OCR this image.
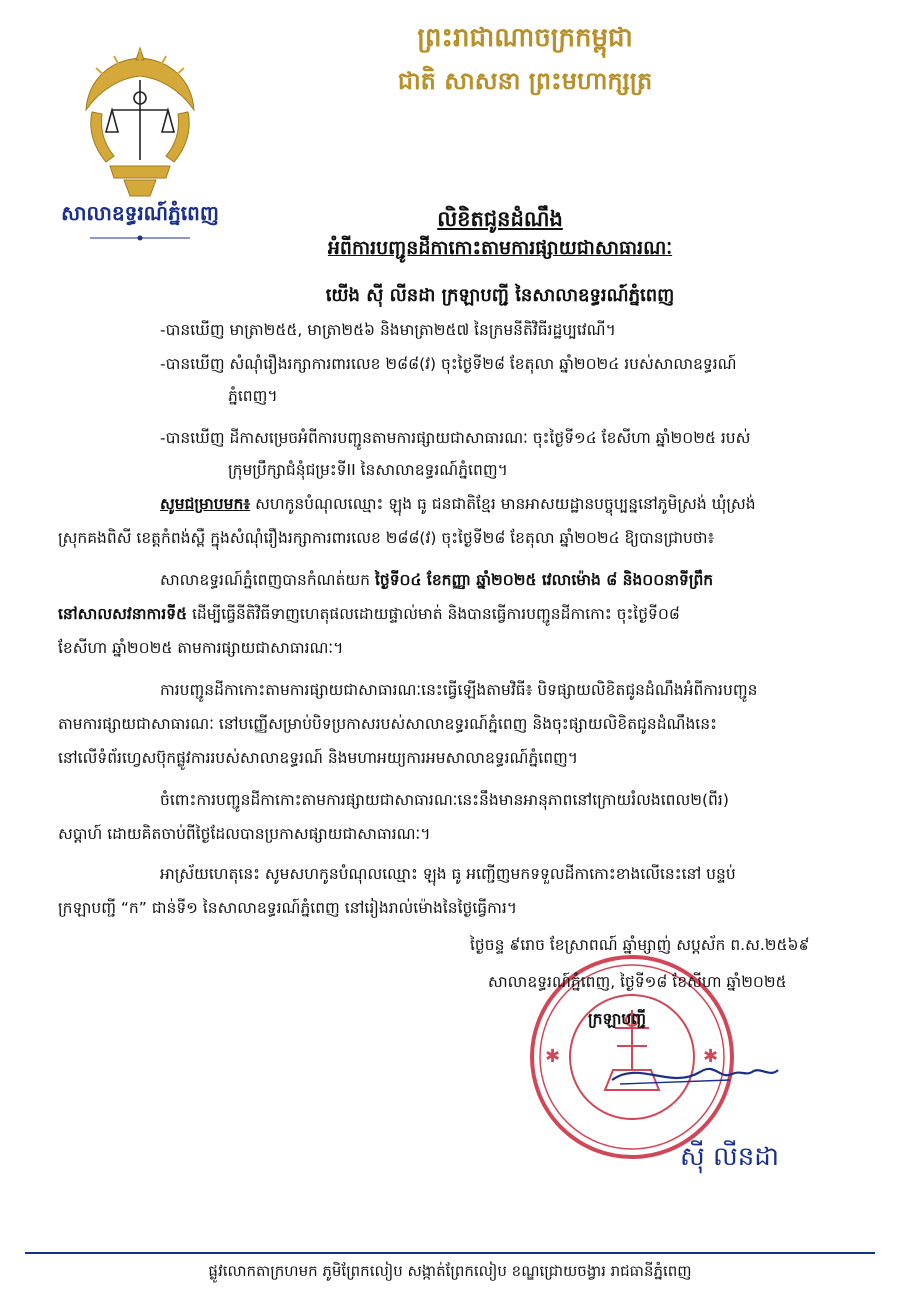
ព្រះរាជាណាចក្រកម្ពុជា
ជាតិ សាសនា ព្រះមហាក្សត្រ
សាលាឧទ្ធរណ៍ភ្នំពេញ	លិខិតជូនដំណឹង
អំពីការបញ្ជូនដីកាកោះតាមការផ្សាយជាសាធារណៈ
យើង ស៊ី លីនដា ក្រឡាបញ្ជី នៃសាលាឧទ្ធរណ៍ភ្នំពេញ
-បានឃើញ មាត្រា២៥៥, មាត្រា២៥៦ និងមាត្រា២៥៧ នៃក្រមនីតិវិធីរដ្ឋប្បវេណី។
-បានឃើញ សំណុំរឿងរក្សាការពារលេខ ២៨៨(វ) ចុះថ្ងៃទី២៨ ខែតុលា ឆ្នាំ២០២៤ របស់សាលាឧទ្ធរណ៍
ភ្នំពេញ។
-បានឃើញ ដីកាសម្រេចអំពីការបញ្ជូនតាមការផ្សាយជាសាធារណៈ ចុះថ្ងៃទី១៤ ខែសីហា ឆ្នាំ២០២៥ របស់
ក្រុមប្រឹក្សាជំនុំជម្រះទីII នៃសាលាឧទ្ធរណ៍ភ្នំពេញ។
សូមជម្រាបមក៖ សហកូនបំណុលឈ្មោះ ឡុង ធូ ជនជាតិខ្មែរ មានអាសយដ្ឋានបច្ចុប្បន្ននៅភូមិស្រង់ ឃុំស្រង់
ស្រុកគងពិសី ខេត្តកំពង់ស្ពឺ ក្នុងសំណុំរឿងរក្សាការពារលេខ ២៨៨(វ) ចុះថ្ងៃទី២៨ ខែតុលា ឆ្នាំ២០២៤ ឱ្យបានជ្រាបថា៖
សាលាឧទ្ធរណ៍ភ្នំពេញបានកំណត់យក ថ្ងៃទី០៤ ខែកញ្ញា ឆ្នាំ២០២៥ វេលាម៉ោង ៨ និង០០នាទីព្រឹក
នៅសាលសវនាការទី៥ ដើម្បីធ្វើនីតិវិធីទាញហេតុផលដោយផ្ទាល់មាត់ និងបានធ្វើការបញ្ជូនដីកាកោះ ចុះថ្ងៃទី០៨
ខែសីហា ឆ្នាំ២០២៥ តាមការផ្សាយជាសាធារណៈ។
ការបញ្ជូនដីកាកោះតាមការផ្សាយជាសាធារណៈនេះធ្វើឡើងតាមវិធី៖ បិទផ្សាយលិខិតជូនដំណឹងអំពីការបញ្ជូន
តាមការផ្សាយជាសាធារណៈ នៅបញ្ញើសម្រាប់បិទប្រកាសរបស់សាលាឧទ្ធរណ៍ភ្នំពេញ និងចុះផ្សាយលិខិតជូនដំណឹងនេះ
នៅលើទំព័រហ្វេសប៊ុកផ្លូវការរបស់សាលាឧទ្ធរណ៍ និងមហាអយ្យការអមសាលាឧទ្ធរណ៍ភ្នំពេញ។
ចំពោះការបញ្ជូនដីកាកោះតាមការផ្សាយជាសាធារណៈនេះនឹងមានអានុភាពនៅក្រោយរំលងពេល២(ពីរ)
សប្តាហ៍ ដោយគិតចាប់ពីថ្ងៃដែលបានប្រកាសផ្សាយជាសាធារណៈ។
អាស្រ័យហេតុនេះ សូមសហកូនបំណុលឈ្មោះ ឡុង ធូ អញ្ជើញមកទទួលដីកាកោះខាងលើនេះនៅ បន្ទប់
ក្រឡាបញ្ជី “ក” ជាន់ទី១ នៃសាលាឧទ្ធរណ៍ភ្នំពេញ នៅរៀងរាល់ម៉ោងនៃថ្ងៃធ្វើការ។
✱	✱
ថ្ងៃចន្ទ ៩រោច ខែស្រាពណ៍ ឆ្នាំម្សាញ់ សប្តស័ក ព.ស.២៥៦៩
សាលាឧទ្ធរណ៍ភ្នំពេញ, ថ្ងៃទី១៨ ខែសីហា ឆ្នាំ២០២៥
ក្រឡាបញ្ជី
ស៊ី លីនដា
ផ្លូវលោកតាក្រហមក ភូមិព្រែកលៀប សង្កាត់ព្រែកលៀប ខណ្ឌជ្រោយចង្វារ រាជធានីភ្នំពេញ
